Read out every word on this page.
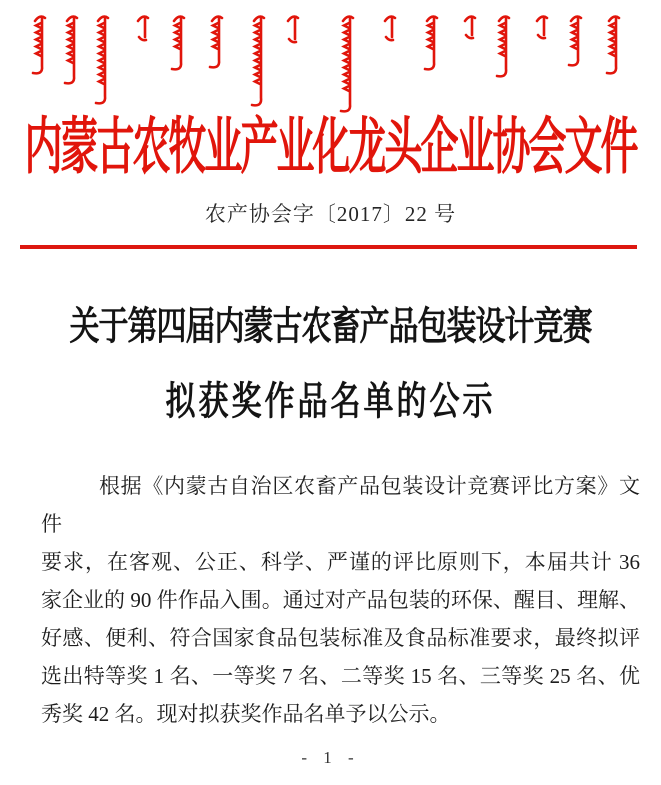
内蒙古农牧业产业化龙头企业协会文件
农产协会字〔2017〕22 号
关于第四届内蒙古农畜产品包装设计竞赛
拟获奖作品名单的公示
根据《内蒙古自治区农畜产品包装设计竞赛评比方案》文件
要求，在客观、公正、科学、严谨的评比原则下，本届共计 36
家企业的 90 件作品入围。通过对产品包装的环保、醒目、理解、
好感、便利、符合国家食品包装标准及食品标准要求，最终拟评
选出特等奖 1 名、一等奖 7 名、二等奖 15 名、三等奖 25 名、优
秀奖 42 名。现对拟获奖作品名单予以公示。
- 1 -
